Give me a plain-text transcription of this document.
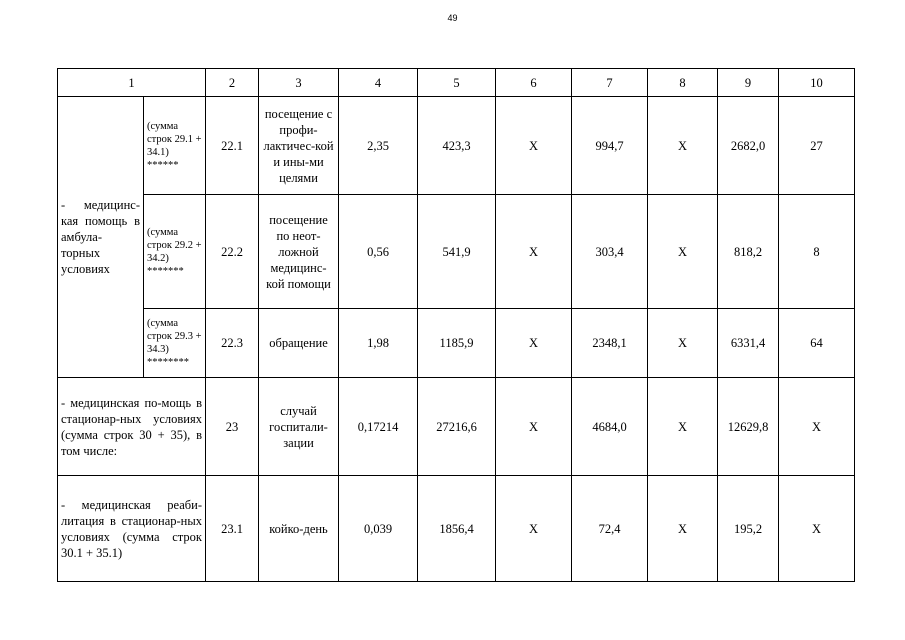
49
1		2	3	4	5	6	7	8	9	10
- медицинс-кая помощь в амбула-торных условиях	(сумма строк 29.1 + 34.1) ******	22.1	посещение с профи-лактичес-кой и ины-ми целями	2,35	423,3	Х	994,7	Х	2682,0	27
	(сумма строк 29.2 + 34.2) *******	22.2	посещение по неот-ложной медицинс-кой помощи	0,56	541,9	Х	303,4	Х	818,2	8
	(сумма строк 29.3 + 34.3) ********	22.3	обращение	1,98	1185,9	Х	2348,1	Х	6331,4	64
- медицинская по-мощь в стационар-ных условиях (сумма строк 30 + 35), в том числе:		23	случай госпитали-зации	0,17214	27216,6	Х	4684,0	Х	12629,8	Х
- медицинская реаби-литация в стационар-ных условиях (сумма строк 30.1 + 35.1)		23.1	койко-день	0,039	1856,4	Х	72,4	Х	195,2	Х
